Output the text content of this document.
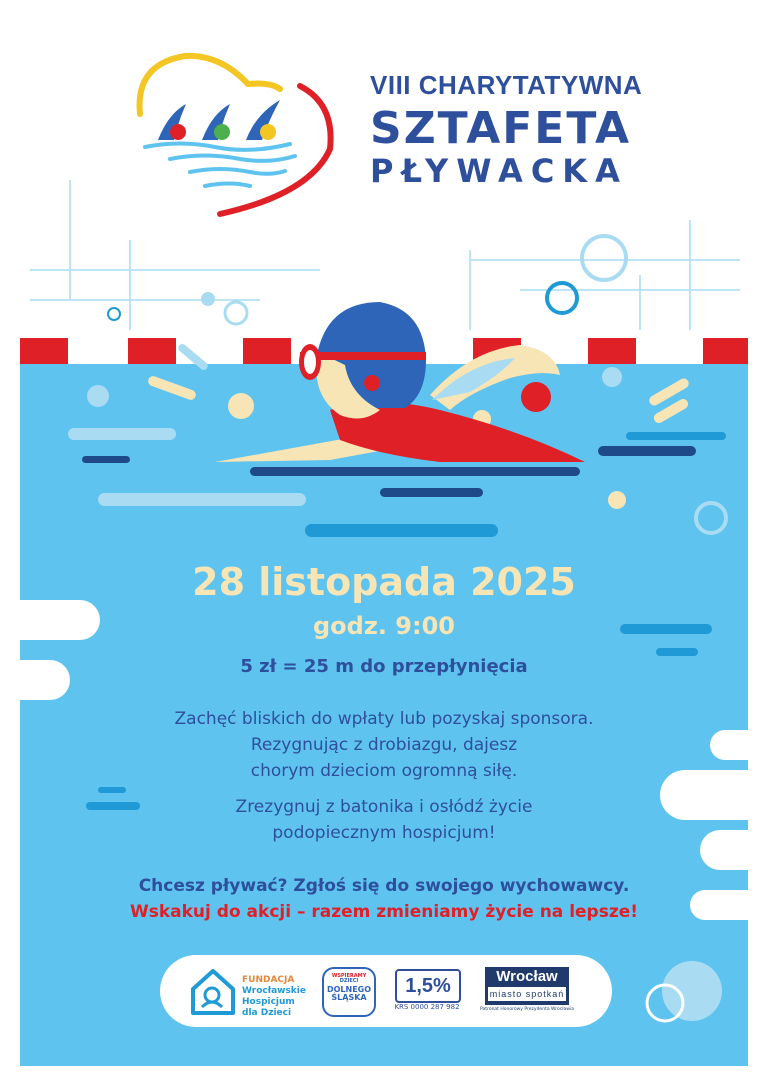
VIII CHARYTATYWNA
SZTAFETA
PŁYWACKA
28 listopada 2025
godz. 9:00
5 zł = 25 m do przepłynięcia
Zachęć bliskich do wpłaty lub pozyskaj sponsora.
Rezygnując z drobiazgu, dajesz
chorym dzieciom ogromną siłę.
Zrezygnuj z batonika i osłódź życie
podopiecznym hospicjum!
Chcesz pływać? Zgłoś się do swojego wychowawcy.
Wskakuj do akcji – razem zmieniamy życie na lepsze!
FUNDACJA
Wrocławskie
Hospicjum
dla Dzieci
WSPIERAMY
DZIECI
DOLNEGO
ŚLĄSKA
1,5%
KRS 0000 287 982
Wrocław
miasto spotkań
Patronat Honorowy Prezydenta Wrocławia
